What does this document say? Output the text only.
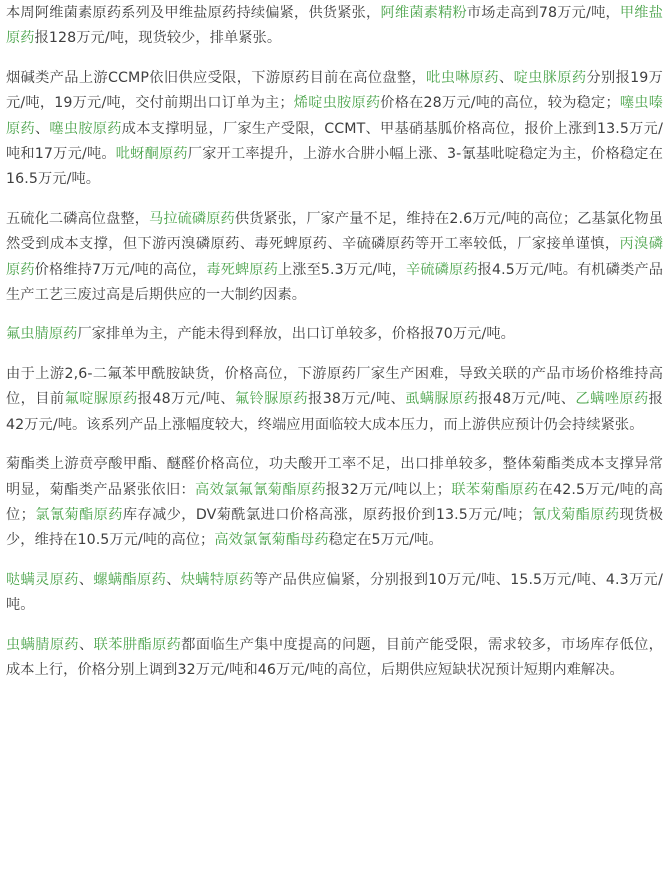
本周阿维菌素原药系列及甲维盐原药持续偏紧，供货紧张，阿维菌素精粉市场走高到78万元/吨，甲维盐原药报128万元/吨，现货较少，排单紧张。

烟碱类产品上游CCMP依旧供应受限，下游原药目前在高位盘整，吡虫啉原药、啶虫脒原药分别报19万元/吨，19万元/吨，交付前期出口订单为主；烯啶虫胺原药价格在28万元/吨的高位，较为稳定；噻虫嗪原药、噻虫胺原药成本支撑明显，厂家生产受限，CCMT、甲基硝基胍价格高位，报价上涨到13.5万元/吨和17万元/吨。吡蚜酮原药厂家开工率提升，上游水合肼小幅上涨、3-氰基吡啶稳定为主，价格稳定在16.5万元/吨。

五硫化二磷高位盘整，马拉硫磷原药供货紧张，厂家产量不足，维持在2.6万元/吨的高位；乙基氯化物虽然受到成本支撑，但下游丙溴磷原药、毒死蜱原药、辛硫磷原药等开工率较低，厂家接单谨慎，丙溴磷原药价格维持7万元/吨的高位，毒死蜱原药上涨至5.3万元/吨，辛硫磷原药报4.5万元/吨。有机磷类产品生产工艺三废过高是后期供应的一大制约因素。

氟虫腈原药厂家排单为主，产能未得到释放，出口订单较多，价格报70万元/吨。

由于上游2,6-二氟苯甲酰胺缺货，价格高位，下游原药厂家生产困难，导致关联的产品市场价格维持高位，目前氟啶脲原药报48万元/吨、氟铃脲原药报38万元/吨、虱螨脲原药报48万元/吨、乙螨唑原药报42万元/吨。该系列产品上涨幅度较大，终端应用面临较大成本压力，而上游供应预计仍会持续紧张。

菊酯类上游贲亭酸甲酯、醚醛价格高位，功夫酸开工率不足，出口排单较多，整体菊酯类成本支撑异常明显，菊酯类产品紧张依旧：高效氯氟氰菊酯原药报32万元/吨以上；联苯菊酯原药在42.5万元/吨的高位；氯氰菊酯原药库存减少，DV菊酰氯进口价格高涨，原药报价到13.5万元/吨；氰戊菊酯原药现货极少，维持在10.5万元/吨的高位；高效氯氰菊酯母药稳定在5万元/吨。

哒螨灵原药、螺螨酯原药、炔螨特原药等产品供应偏紧，分别报到10万元/吨、15.5万元/吨、4.3万元/吨。

虫螨腈原药、联苯肼酯原药都面临生产集中度提高的问题，目前产能受限，需求较多，市场库存低位，成本上行，价格分别上调到32万元/吨和46万元/吨的高位，后期供应短缺状况预计短期内难解决。
